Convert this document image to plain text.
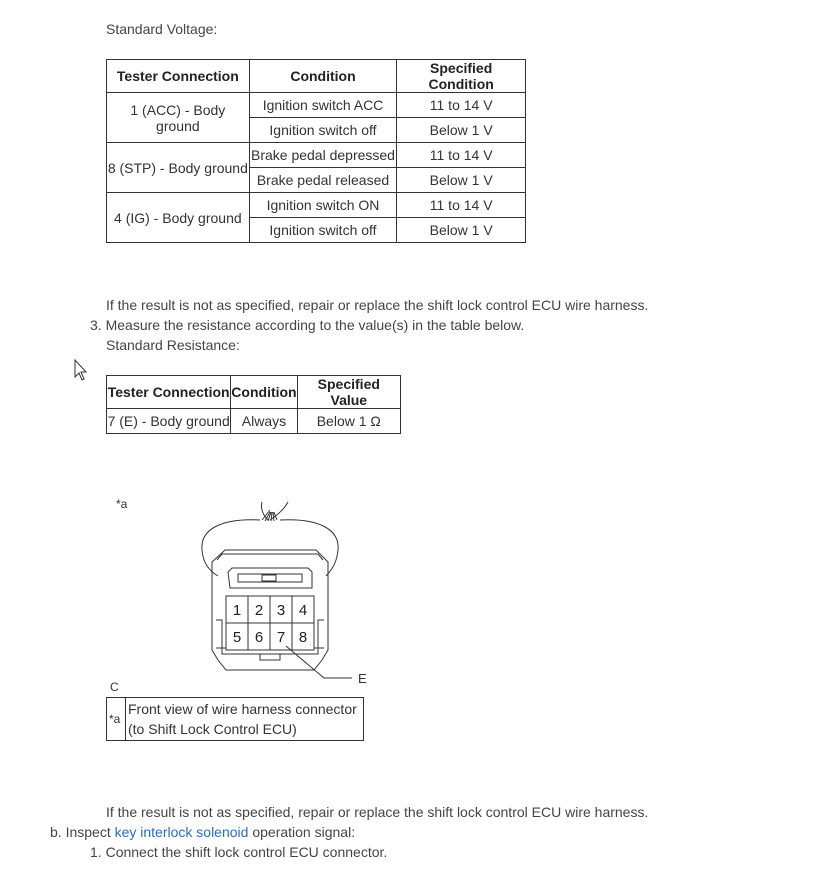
Standard Voltage:
Tester Connection	Condition	Specified Condition
1 (ACC) - Body ground	Ignition switch ACC	11 to 14 V
	Ignition switch off	Below 1 V
8 (STP) - Body ground	Brake pedal depressed	11 to 14 V
	Brake pedal released	Below 1 V
4 (IG) - Body ground	Ignition switch ON	11 to 14 V
	Ignition switch off	Below 1 V
If the result is not as specified, repair or replace the shift lock control ECU wire harness.
3. Measure the resistance according to the value(s) in the table below.
Standard Resistance:
Tester Connection	Condition	Specified Value
7 (E) - Body ground	Always	Below 1 Ω
*a
1 2 3 4
5 6 7 8
E
C
*a	
Front view of wire harness connector
(to Shift Lock Control ECU)
If the result is not as specified, repair or replace the shift lock control ECU wire harness.
b. Inspect key interlock solenoid operation signal:
1. Connect the shift lock control ECU connector.
